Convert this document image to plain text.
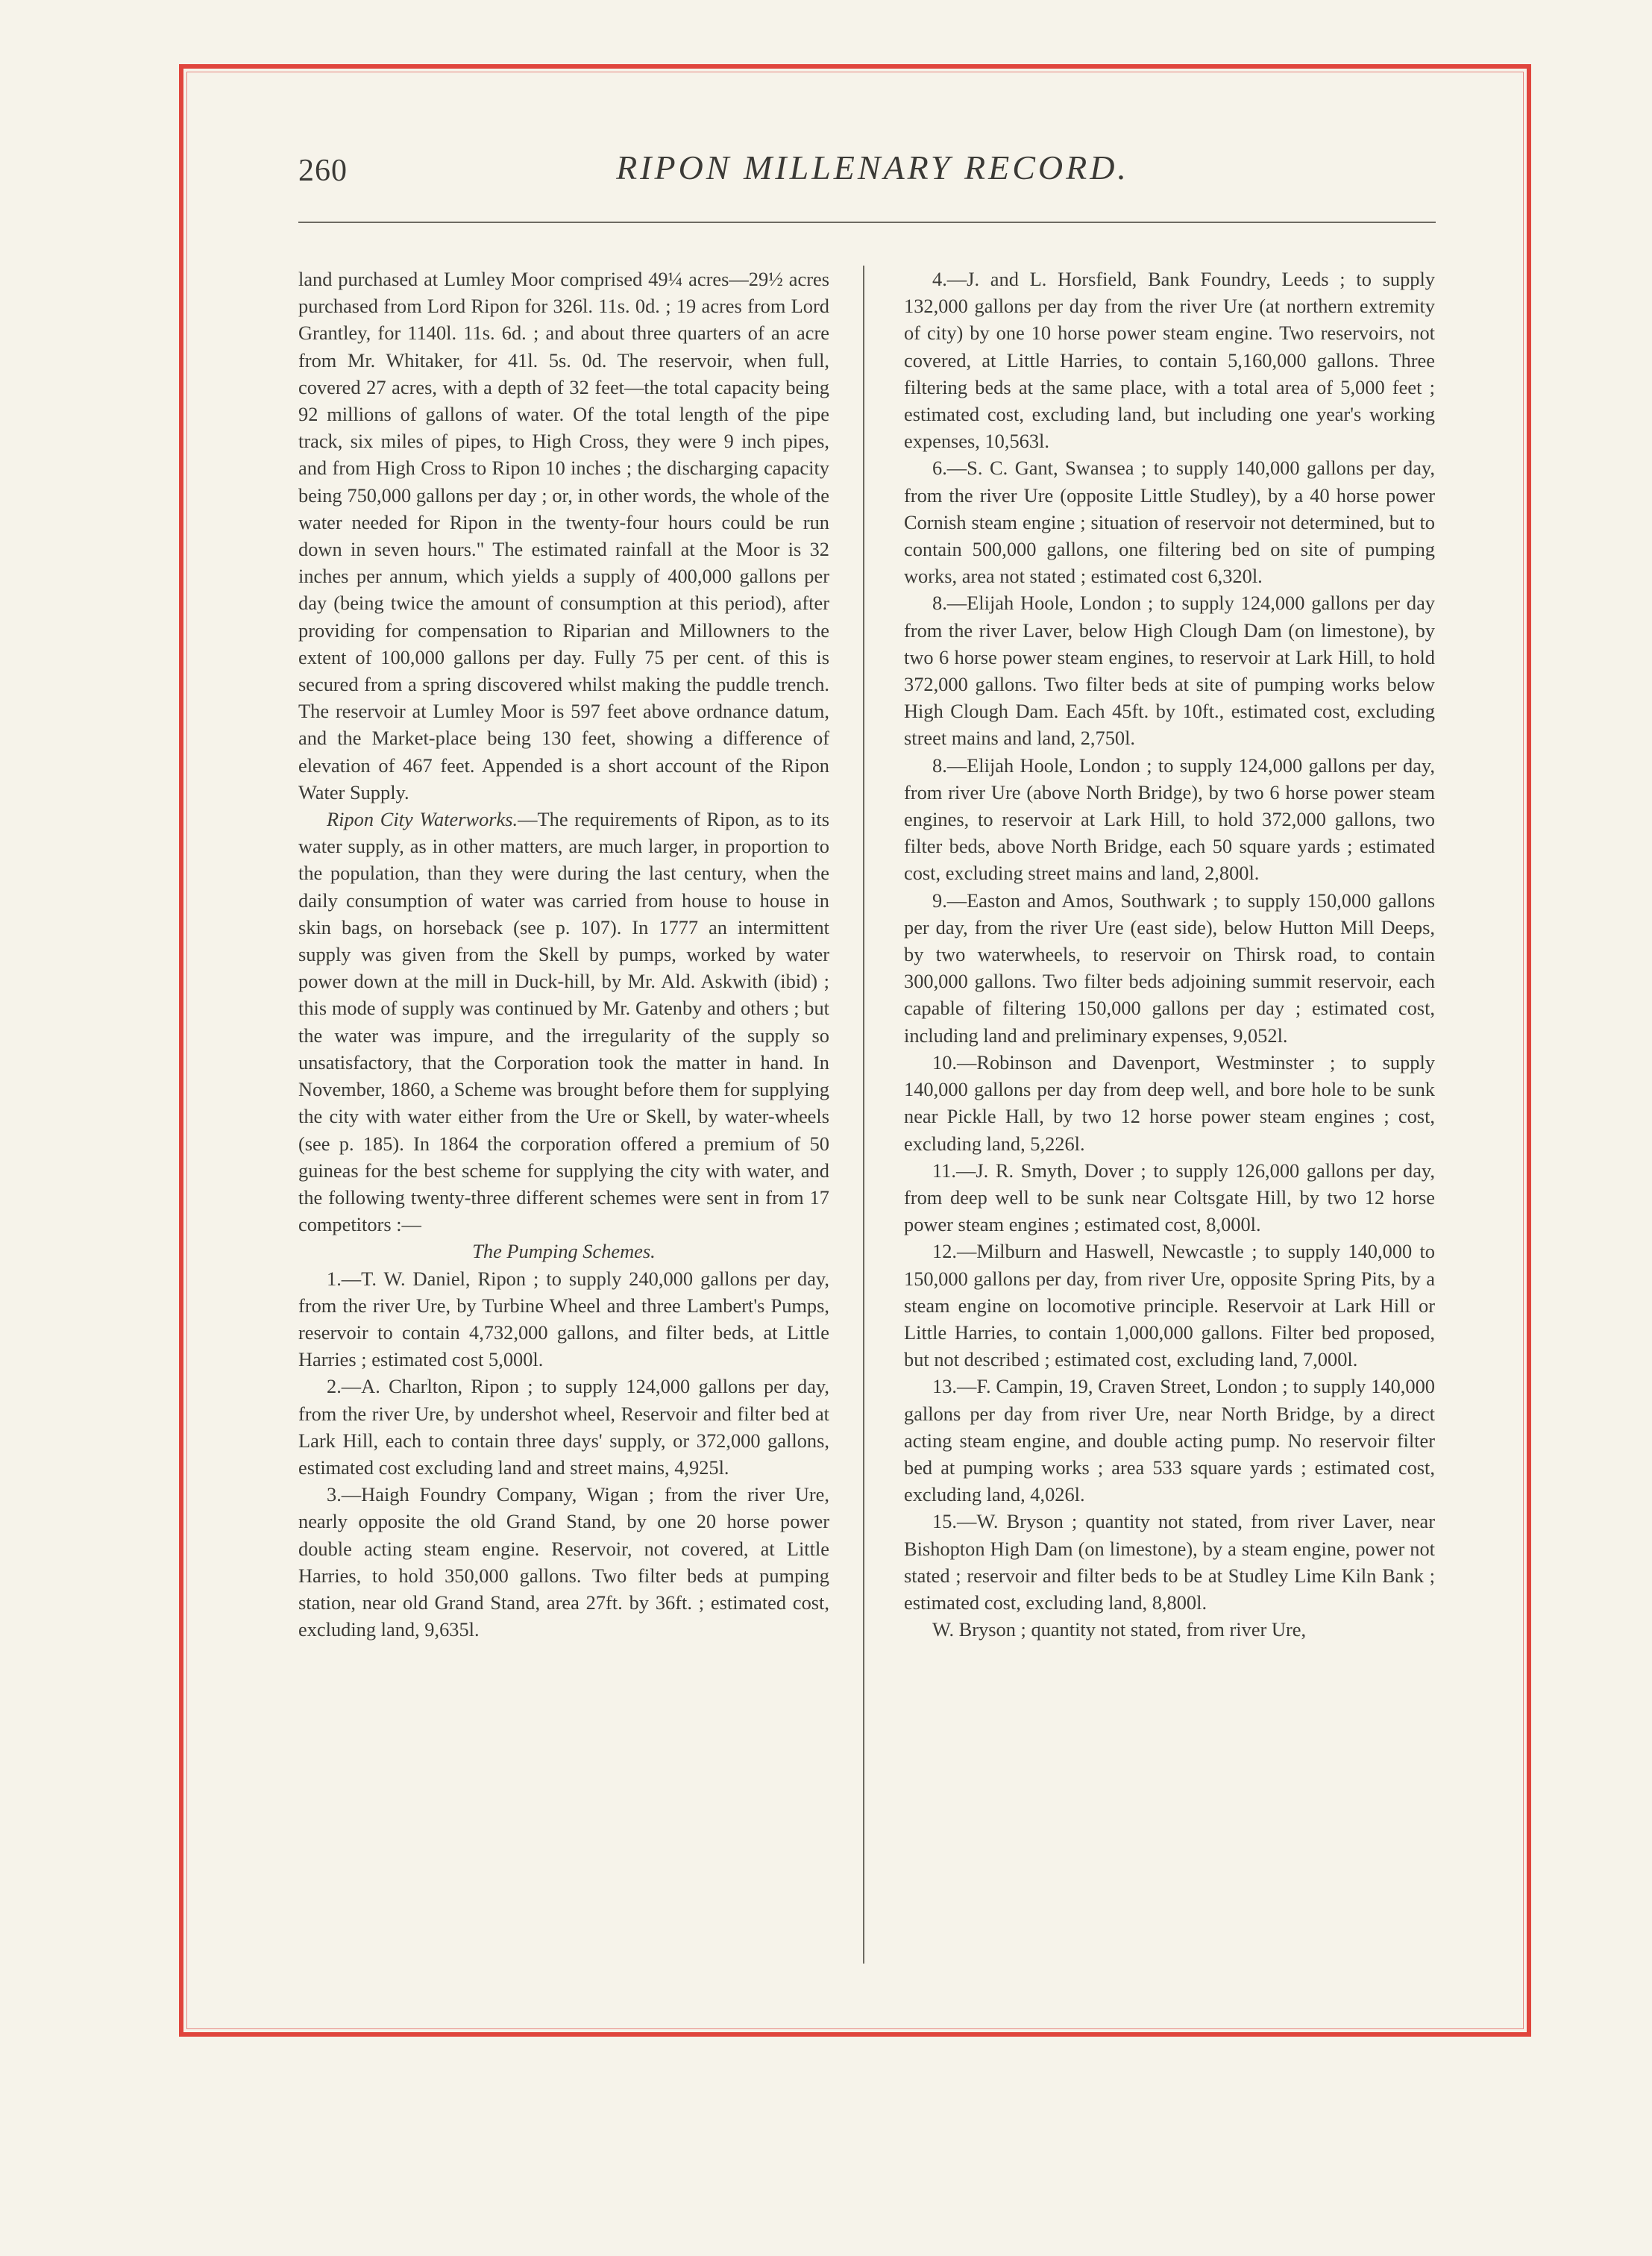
260	RIPON MILLENARY RECORD.

land purchased at Lumley Moor comprised 49¼ acres—29½ acres purchased from Lord Ripon for 326l. 11s. 0d. ; 19 acres from Lord Grantley, for 1140l. 11s. 6d. ; and about three quarters of an acre from Mr. Whitaker, for 41l. 5s. 0d. The reservoir, when full, covered 27 acres, with a depth of 32 feet—the total capacity being 92 millions of gallons of water. Of the total length of the pipe track, six miles of pipes, to High Cross, they were 9 inch pipes, and from High Cross to Ripon 10 inches ; the discharging capacity being 750,000 gallons per day ; or, in other words, the whole of the water needed for Ripon in the twenty-four hours could be run down in seven hours." The estimated rainfall at the Moor is 32 inches per annum, which yields a supply of 400,000 gallons per day (being twice the amount of consumption at this period), after providing for compensation to Riparian and Millowners to the extent of 100,000 gallons per day. Fully 75 per cent. of this is secured from a spring discovered whilst making the puddle trench. The reservoir at Lumley Moor is 597 feet above ordnance datum, and the Market-place being 130 feet, showing a difference of elevation of 467 feet. Appended is a short account of the Ripon Water Supply.

Ripon City Waterworks.—The requirements of Ripon, as to its water supply, as in other matters, are much larger, in proportion to the population, than they were during the last century, when the daily consumption of water was carried from house to house in skin bags, on horseback (see p. 107). In 1777 an intermittent supply was given from the Skell by pumps, worked by water power down at the mill in Duck-hill, by Mr. Ald. Askwith (ibid) ; this mode of supply was continued by Mr. Gatenby and others ; but the water was impure, and the irregularity of the supply so unsatisfactory, that the Corporation took the matter in hand. In November, 1860, a Scheme was brought before them for supplying the city with water either from the Ure or Skell, by water-wheels (see p. 185). In 1864 the corporation offered a premium of 50 guineas for the best scheme for supplying the city with water, and the following twenty-three different schemes were sent in from 17 competitors :—

The Pumping Schemes.

1.—T. W. Daniel, Ripon ; to supply 240,000 gallons per day, from the river Ure, by Turbine Wheel and three Lambert's Pumps, reservoir to contain 4,732,000 gallons, and filter beds, at Little Harries ; estimated cost 5,000l.

2.—A. Charlton, Ripon ; to supply 124,000 gallons per day, from the river Ure, by undershot wheel, Reservoir and filter bed at Lark Hill, each to contain three days' supply, or 372,000 gallons, estimated cost excluding land and street mains, 4,925l.

3.—Haigh Foundry Company, Wigan ; from the river Ure, nearly opposite the old Grand Stand, by one 20 horse power double acting steam engine. Reservoir, not covered, at Little Harries, to hold 350,000 gallons. Two filter beds at pumping station, near old Grand Stand, area 27ft. by 36ft. ; estimated cost, excluding land, 9,635l.

4.—J. and L. Horsfield, Bank Foundry, Leeds ; to supply 132,000 gallons per day from the river Ure (at northern extremity of city) by one 10 horse power steam engine. Two reservoirs, not covered, at Little Harries, to contain 5,160,000 gallons. Three filtering beds at the same place, with a total area of 5,000 feet ; estimated cost, excluding land, but including one year's working expenses, 10,563l.

6.—S. C. Gant, Swansea ; to supply 140,000 gallons per day, from the river Ure (opposite Little Studley), by a 40 horse power Cornish steam engine ; situation of reservoir not determined, but to contain 500,000 gallons, one filtering bed on site of pumping works, area not stated ; estimated cost 6,320l.

8.—Elijah Hoole, London ; to supply 124,000 gallons per day from the river Laver, below High Clough Dam (on limestone), by two 6 horse power steam engines, to reservoir at Lark Hill, to hold 372,000 gallons. Two filter beds at site of pumping works below High Clough Dam. Each 45ft. by 10ft., estimated cost, excluding street mains and land, 2,750l.

8.—Elijah Hoole, London ; to supply 124,000 gallons per day, from river Ure (above North Bridge), by two 6 horse power steam engines, to reservoir at Lark Hill, to hold 372,000 gallons, two filter beds, above North Bridge, each 50 square yards ; estimated cost, excluding street mains and land, 2,800l.

9.—Easton and Amos, Southwark ; to supply 150,000 gallons per day, from the river Ure (east side), below Hutton Mill Deeps, by two waterwheels, to reservoir on Thirsk road, to contain 300,000 gallons. Two filter beds adjoining summit reservoir, each capable of filtering 150,000 gallons per day ; estimated cost, including land and preliminary expenses, 9,052l.

10.—Robinson and Davenport, Westminster ; to supply 140,000 gallons per day from deep well, and bore hole to be sunk near Pickle Hall, by two 12 horse power steam engines ; cost, excluding land, 5,226l.

11.—J. R. Smyth, Dover ; to supply 126,000 gallons per day, from deep well to be sunk near Coltsgate Hill, by two 12 horse power steam engines ; estimated cost, 8,000l.

12.—Milburn and Haswell, Newcastle ; to supply 140,000 to 150,000 gallons per day, from river Ure, opposite Spring Pits, by a steam engine on locomotive principle. Reservoir at Lark Hill or Little Harries, to contain 1,000,000 gallons. Filter bed proposed, but not described ; estimated cost, excluding land, 7,000l.

13.—F. Campin, 19, Craven Street, London ; to supply 140,000 gallons per day from river Ure, near North Bridge, by a direct acting steam engine, and double acting pump. No reservoir filter bed at pumping works ; area 533 square yards ; estimated cost, excluding land, 4,026l.

15.—W. Bryson ; quantity not stated, from river Laver, near Bishopton High Dam (on limestone), by a steam engine, power not stated ; reservoir and filter beds to be at Studley Lime Kiln Bank ; estimated cost, excluding land, 8,800l.

W. Bryson ; quantity not stated, from river Ure,
